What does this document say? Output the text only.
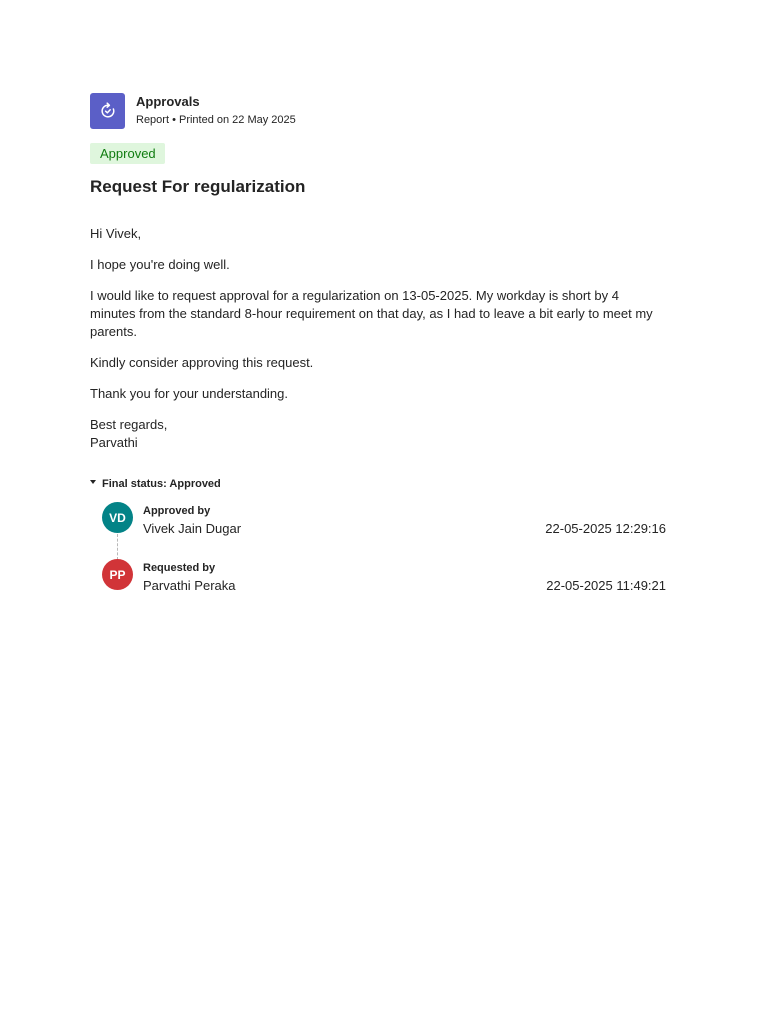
Approvals
Report • Printed on 22 May 2025
Approved
Request For regularization

Hi Vivek,

I hope you're doing well.

I would like to request approval for a regularization on 13-05-2025. My workday is short by 4 minutes from the standard 8-hour requirement on that day, as I had to leave a bit early to meet my parents.

Kindly consider approving this request.

Thank you for your understanding.

Best regards,
Parvathi
Final status: Approved
VD	Approved by
Vivek Jain Dugar	22-05-2025 12:29:16
PP	Requested by
Parvathi Peraka	22-05-2025 11:49:21
